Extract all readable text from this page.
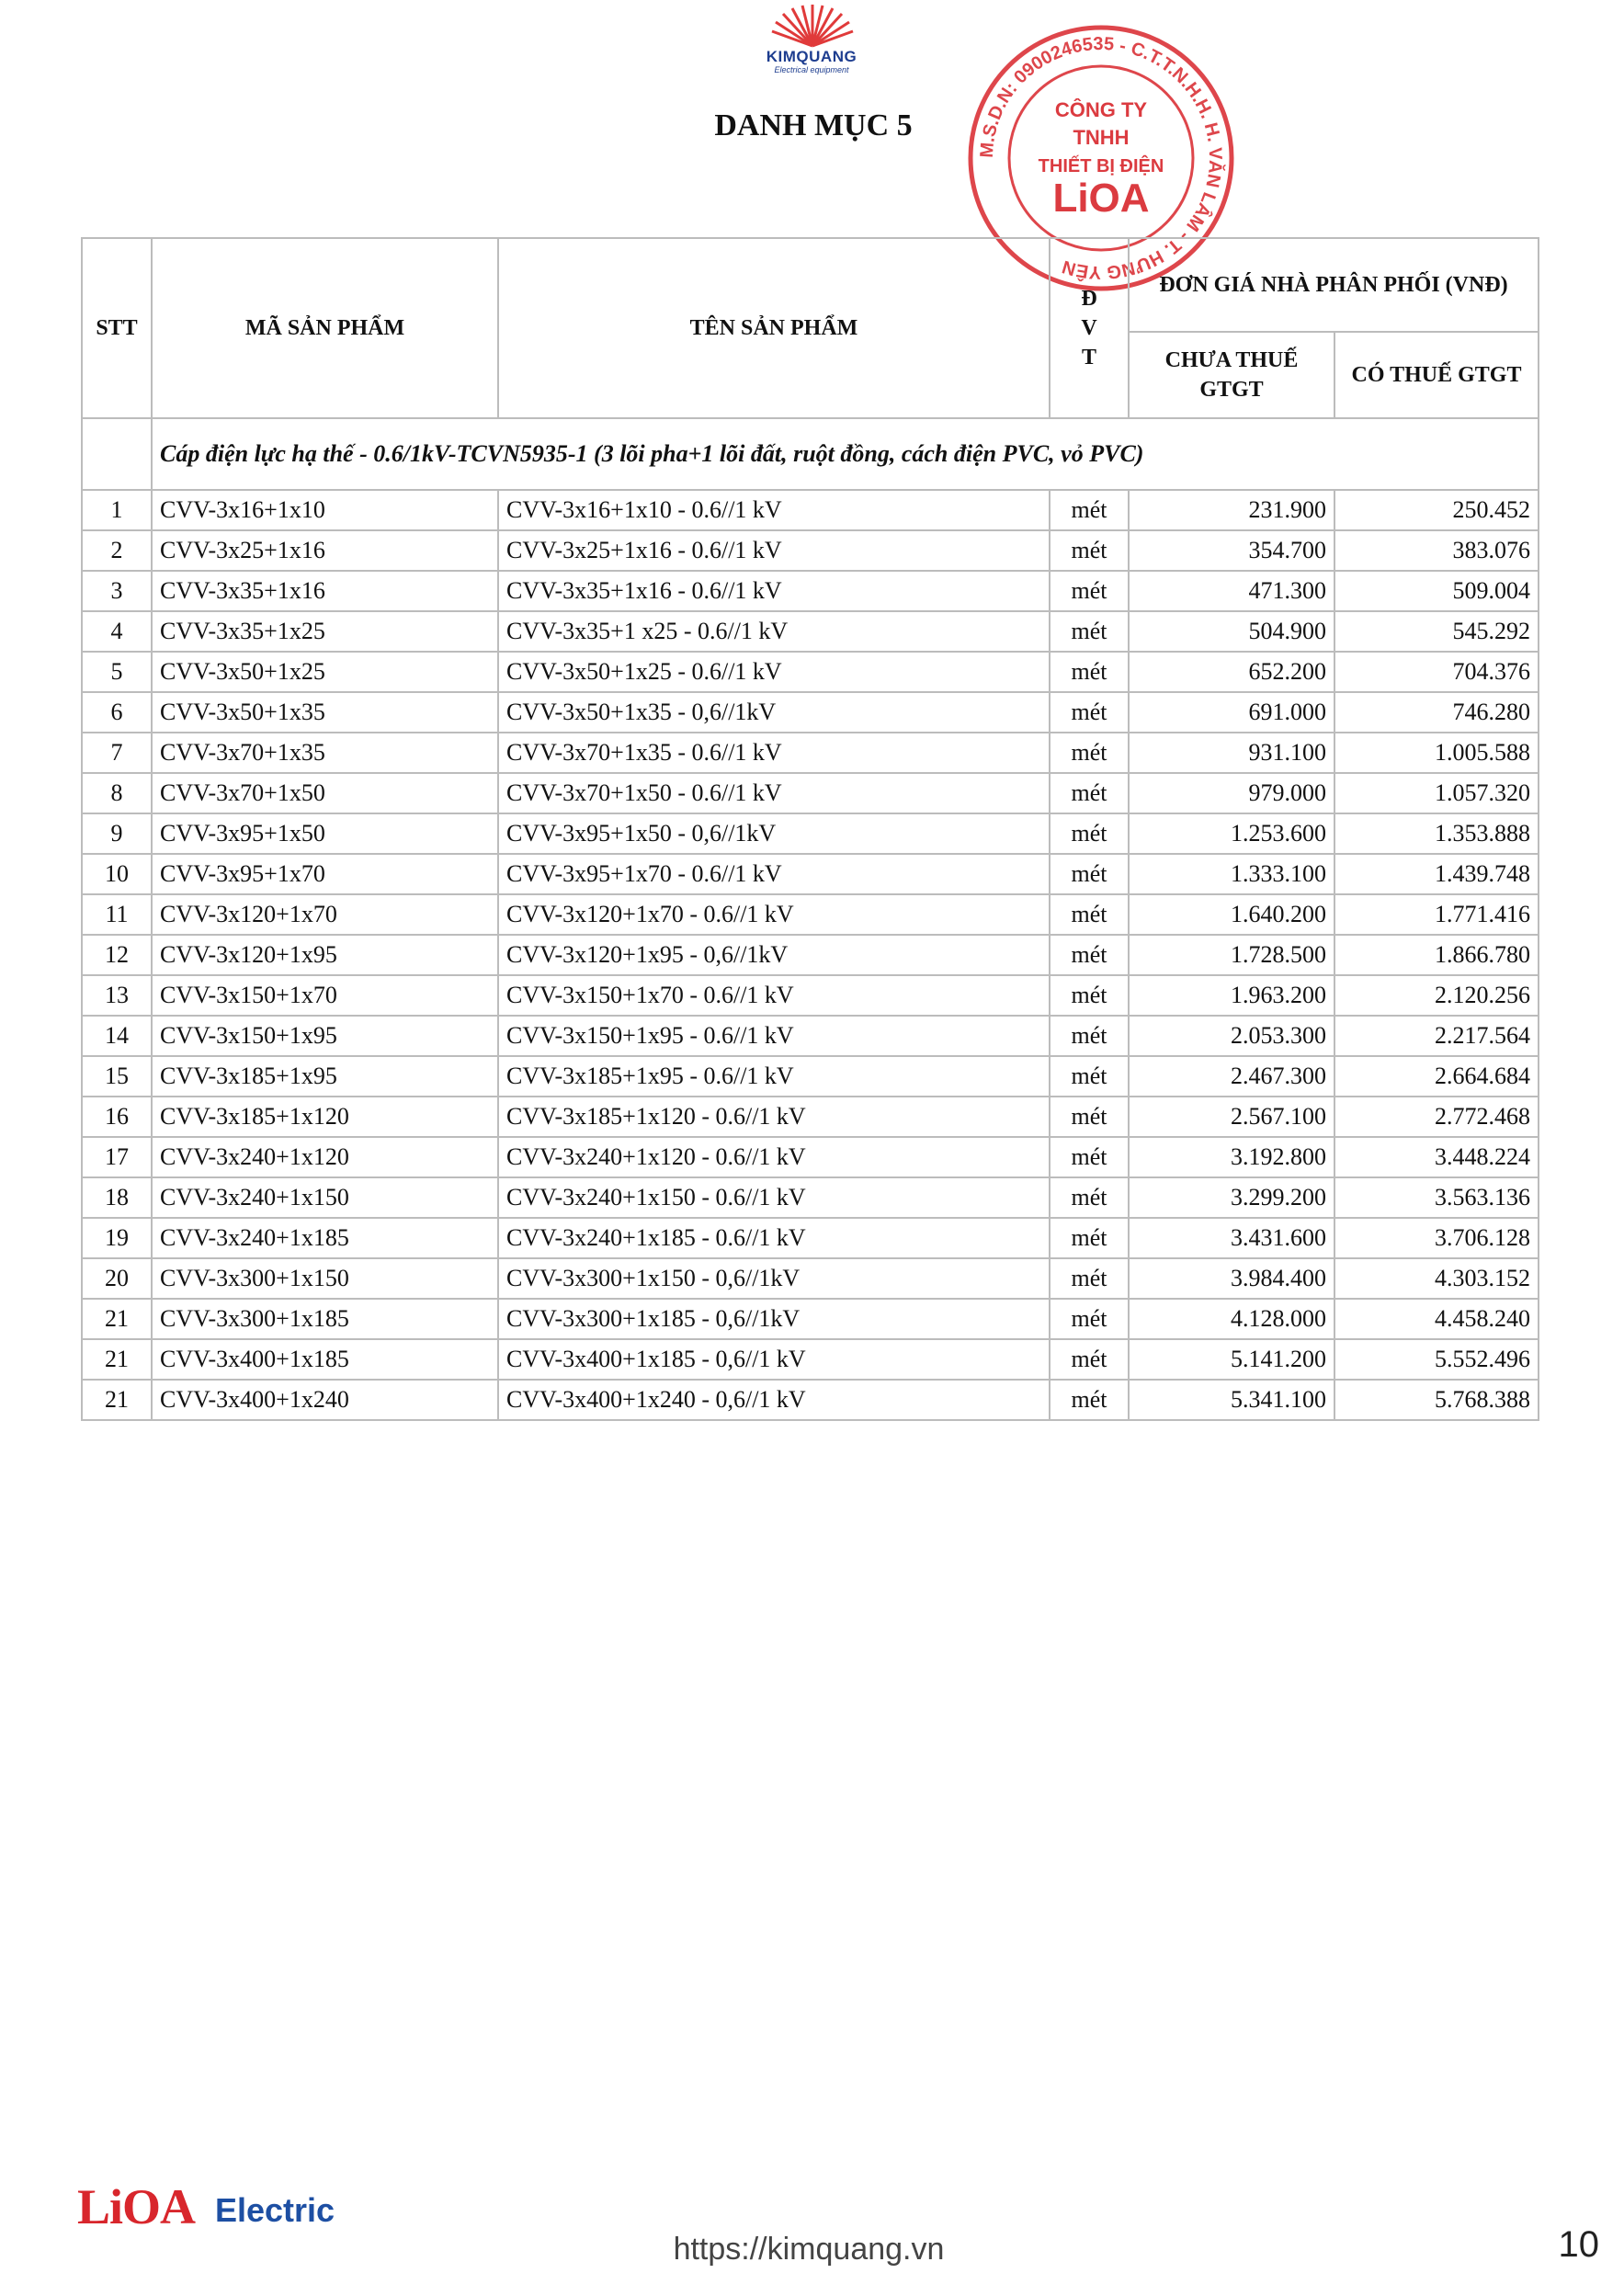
KIMQUANG
Electrical equipment
DANH MỤC 5
M.S.D.N: 0900246535 - C.T.T.N.H.H. H. VĂN LÂM - T. HƯNG YÊN
CÔNG TY
TNHH
THIẾT BỊ ĐIỆN
LiOA
STT	MÃ SẢN PHẨM	TÊN SẢN PHẨM	Đ
V
T	ĐƠN GIÁ NHÀ PHÂN PHỐI (VNĐ)	
				CHƯA THUẾ GTGT	CÓ THUẾ GTGT
	Cáp điện lực hạ thế - 0.6/1kV-TCVN5935-1 (3 lõi pha+1 lõi đất, ruột đồng, cách điện PVC, vỏ PVC)				
1	CVV-3x16+1x10	CVV-3x16+1x10 - 0.6//1 kV	mét	231.900	250.452
2	CVV-3x25+1x16	CVV-3x25+1x16 - 0.6//1 kV	mét	354.700	383.076
3	CVV-3x35+1x16	CVV-3x35+1x16 - 0.6//1 kV	mét	471.300	509.004
4	CVV-3x35+1x25	CVV-3x35+1 x25 - 0.6//1 kV	mét	504.900	545.292
5	CVV-3x50+1x25	CVV-3x50+1x25 - 0.6//1 kV	mét	652.200	704.376
6	CVV-3x50+1x35	CVV-3x50+1x35 - 0,6//1kV	mét	691.000	746.280
7	CVV-3x70+1x35	CVV-3x70+1x35 - 0.6//1 kV	mét	931.100	1.005.588
8	CVV-3x70+1x50	CVV-3x70+1x50 - 0.6//1 kV	mét	979.000	1.057.320
9	CVV-3x95+1x50	CVV-3x95+1x50 - 0,6//1kV	mét	1.253.600	1.353.888
10	CVV-3x95+1x70	CVV-3x95+1x70 - 0.6//1 kV	mét	1.333.100	1.439.748
11	CVV-3x120+1x70	CVV-3x120+1x70 - 0.6//1 kV	mét	1.640.200	1.771.416
12	CVV-3x120+1x95	CVV-3x120+1x95 - 0,6//1kV	mét	1.728.500	1.866.780
13	CVV-3x150+1x70	CVV-3x150+1x70 - 0.6//1 kV	mét	1.963.200	2.120.256
14	CVV-3x150+1x95	CVV-3x150+1x95 - 0.6//1 kV	mét	2.053.300	2.217.564
15	CVV-3x185+1x95	CVV-3x185+1x95 - 0.6//1 kV	mét	2.467.300	2.664.684
16	CVV-3x185+1x120	CVV-3x185+1x120 - 0.6//1 kV	mét	2.567.100	2.772.468
17	CVV-3x240+1x120	CVV-3x240+1x120 - 0.6//1 kV	mét	3.192.800	3.448.224
18	CVV-3x240+1x150	CVV-3x240+1x150 - 0.6//1 kV	mét	3.299.200	3.563.136
19	CVV-3x240+1x185	CVV-3x240+1x185 - 0.6//1 kV	mét	3.431.600	3.706.128
20	CVV-3x300+1x150	CVV-3x300+1x150 - 0,6//1kV	mét	3.984.400	4.303.152
21	CVV-3x300+1x185	CVV-3x300+1x185 - 0,6//1kV	mét	4.128.000	4.458.240
21	CVV-3x400+1x185	CVV-3x400+1x185 - 0,6//1 kV	mét	5.141.200	5.552.496
21	CVV-3x400+1x240	CVV-3x400+1x240 - 0,6//1 kV	mét	5.341.100	5.768.388
LiOA Electric
https://kimquang.vn	10
